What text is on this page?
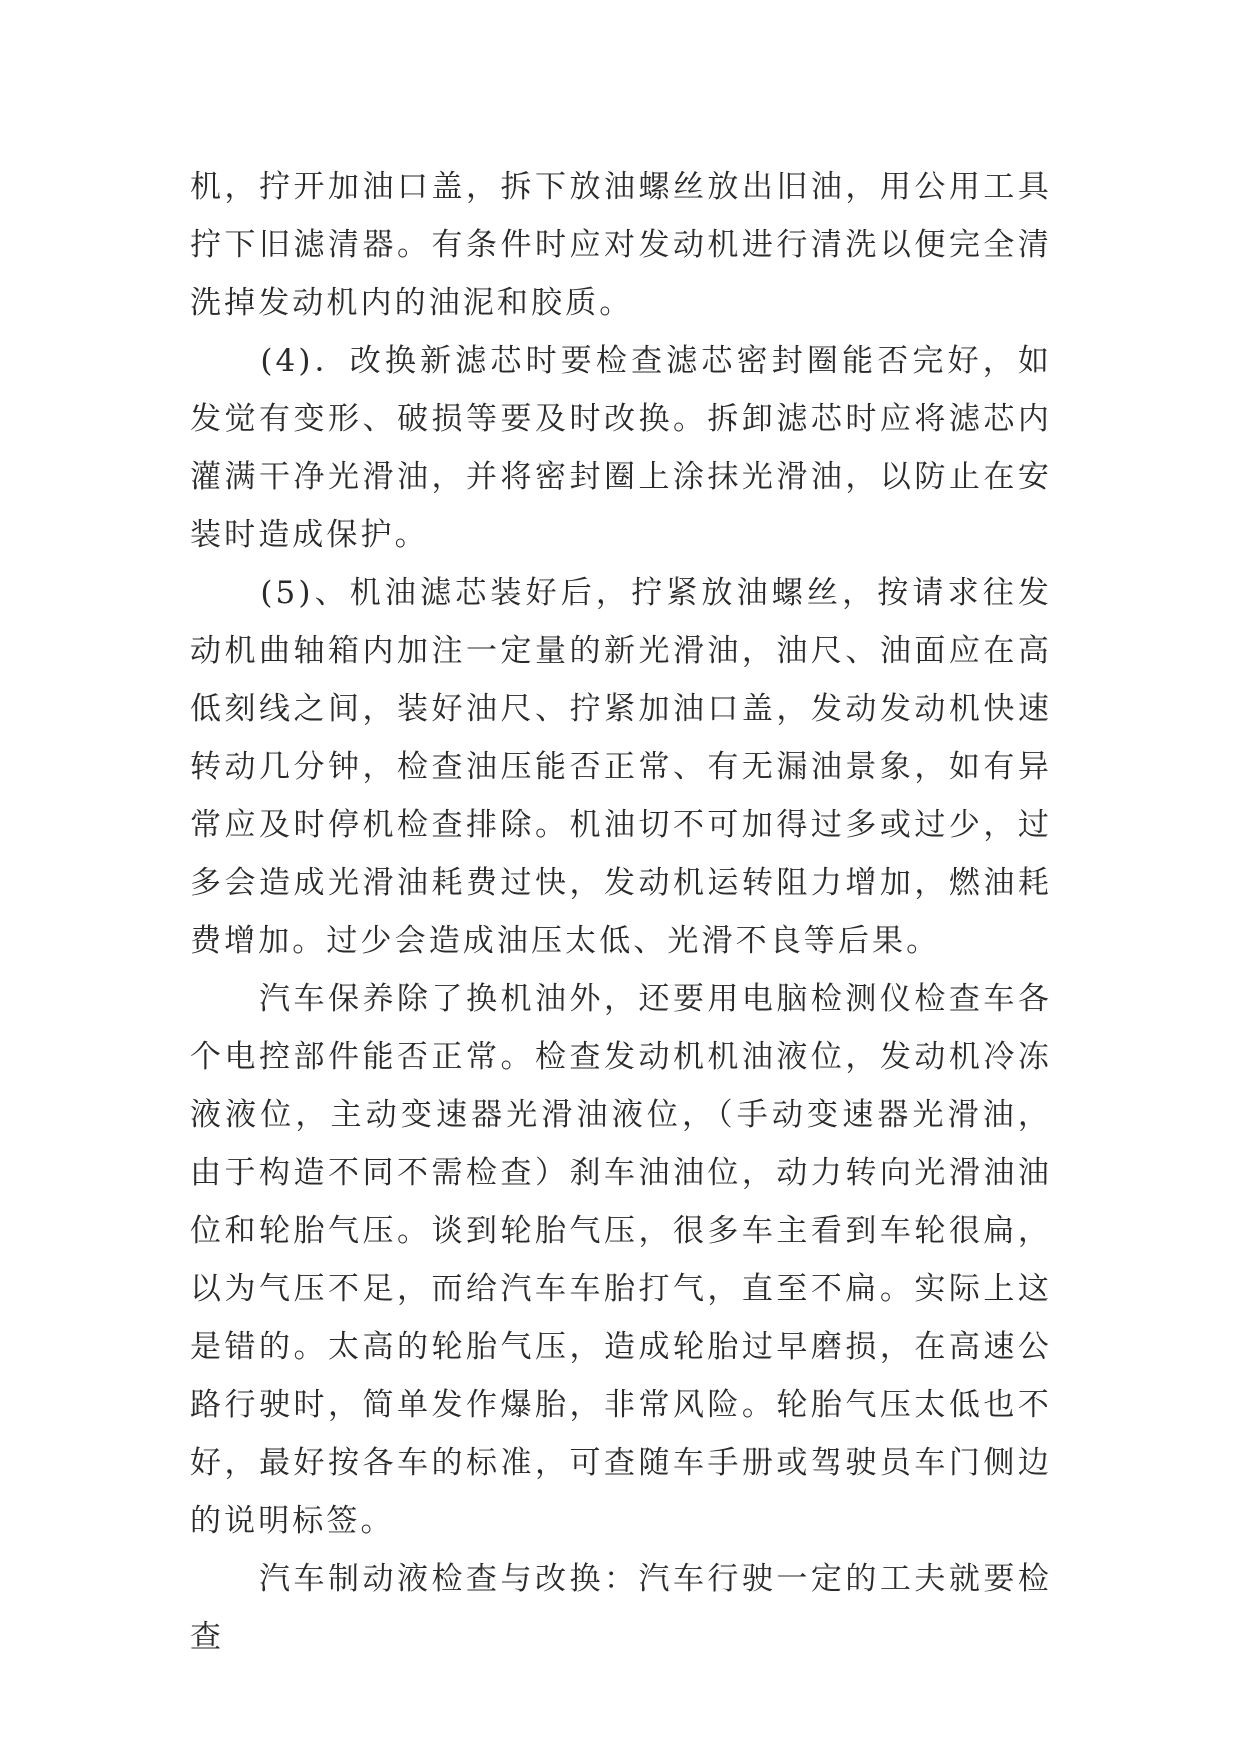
机，拧开加油口盖，拆下放油螺丝放出旧油，用公用工具拧下旧滤清器。有条件时应对发动机进行清洗以便完全清洗掉发动机内的油泥和胶质。

　　(4)．改换新滤芯时要检查滤芯密封圈能否完好，如发觉有变形、破损等要及时改换。拆卸滤芯时应将滤芯内灌满干净光滑油，并将密封圈上涂抹光滑油，以防止在安装时造成保护。

　　(5)、机油滤芯装好后，拧紧放油螺丝，按请求往发动机曲轴箱内加注一定量的新光滑油，油尺、油面应在高低刻线之间，装好油尺、拧紧加油口盖，发动发动机快速转动几分钟，检查油压能否正常、有无漏油景象，如有异常应及时停机检查排除。机油切不可加得过多或过少，过多会造成光滑油耗费过快，发动机运转阻力增加，燃油耗费增加。过少会造成油压太低、光滑不良等后果。

　　汽车保养除了换机油外，还要用电脑检测仪检查车各个电控部件能否正常。检查发动机机油液位，发动机冷冻液液位，主动变速器光滑油液位，（手动变速器光滑油，由于构造不同不需检查）刹车油油位，动力转向光滑油油位和轮胎气压。谈到轮胎气压，很多车主看到车轮很扁，以为气压不足，而给汽车车胎打气，直至不扁。实际上这是错的。太高的轮胎气压，造成轮胎过早磨损，在高速公路行驶时，简单发作爆胎，非常风险。轮胎气压太低也不好，最好按各车的标准，可查随车手册或驾驶员车门侧边的说明标签。

　　汽车制动液检查与改换：汽车行驶一定的工夫就要检查
